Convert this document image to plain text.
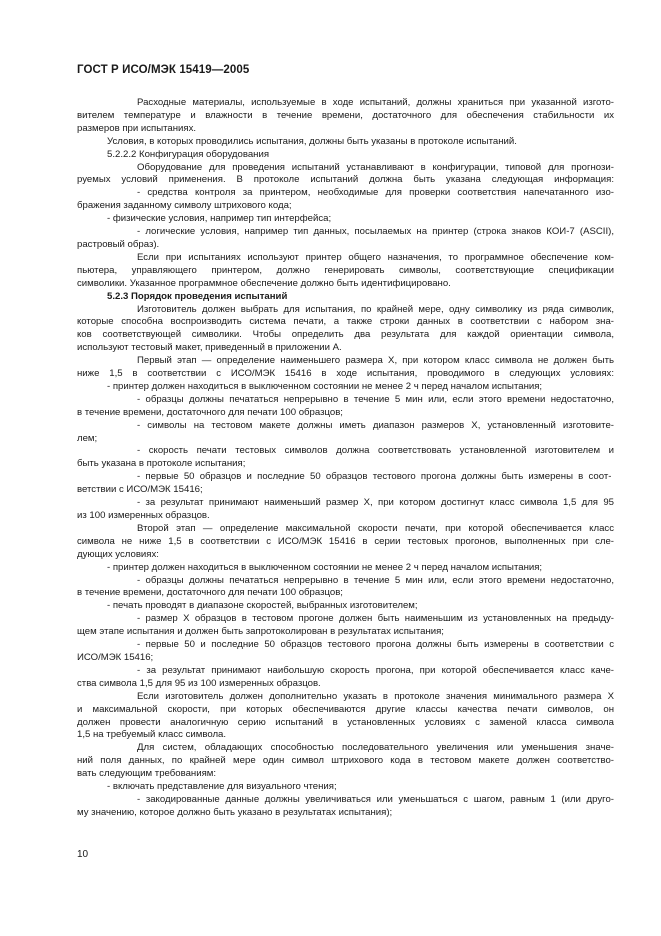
ГОСТ Р ИСО/МЭК 15419—2005

Расходные материалы, используемые в ходе испытаний, должны храниться при указанной изгото-

вителем температуре и влажности в течение времени, достаточного для обеспечения стабильности их

размеров при испытаниях.

Условия, в которых проводились испытания, должны быть указаны в протоколе испытаний.

5.2.2.2 Конфигурация оборудования

Оборудование для проведения испытаний устанавливают в конфигурации, типовой для прогнози-

руемых условий применения. В протоколе испытаний должна быть указана следующая информация:

- средства контроля за принтером, необходимые для проверки соответствия напечатанного изо-

бражения заданному символу штрихового кода;

- физические условия, например тип интерфейса;

- логические условия, например тип данных, посылаемых на принтер (строка знаков КОИ-7 (ASCII),

растровый образ).

Если при испытаниях используют принтер общего назначения, то программное обеспечение ком-

пьютера, управляющего принтером, должно генерировать символы, соответствующие спецификации

символики. Указанное программное обеспечение должно быть идентифицировано.

5.2.3 Порядок проведения испытаний

Изготовитель должен выбрать для испытания, по крайней мере, одну символику из ряда символик,

которые способна воспроизводить система печати, а также строки данных в соответствии с набором зна-

ков соответствующей символики. Чтобы определить два результата для каждой ориентации символа,

используют тестовый макет, приведенный в приложении А.

Первый этап — определение наименьшего размера Х, при котором класс символа не должен быть

ниже 1,5 в соответствии с ИСО/МЭК 15416 в ходе испытания, проводимого в следующих условиях:

- принтер должен находиться в выключенном состоянии не менее 2 ч перед началом испытания;

- образцы должны печататься непрерывно в течение 5 мин или, если этого времени недостаточно,

в течение времени, достаточного для печати 100 образцов;

- символы на тестовом макете должны иметь диапазон размеров Х, установленный изготовите-

лем;

- скорость печати тестовых символов должна соответствовать установленной изготовителем и

быть указана в протоколе испытания;

- первые 50 образцов и последние 50 образцов тестового прогона должны быть измерены в соот-

ветствии с ИСО/МЭК 15416;

- за результат принимают наименьший размер Х, при котором достигнут класс символа 1,5 для 95

из 100 измеренных образцов.

Второй этап — определение максимальной скорости печати, при которой обеспечивается класс

символа не ниже 1,5 в соответствии с ИСО/МЭК 15416 в серии тестовых прогонов, выполненных при сле-

дующих условиях:

- принтер должен находиться в выключенном состоянии не менее 2 ч перед началом испытания;

- образцы должны печататься непрерывно в течение 5 мин или, если этого времени недостаточно,

в течение времени, достаточного для печати 100 образцов;

- печать проводят в диапазоне скоростей, выбранных изготовителем;

- размер Х образцов в тестовом прогоне должен быть наименьшим из установленных на предыду-

щем этапе испытания и должен быть запротоколирован в результатах испытания;

- первые 50 и последние 50 образцов тестового прогона должны быть измерены в соответствии с

ИСО/МЭК 15416;

- за результат принимают наибольшую скорость прогона, при которой обеспечивается класс каче-

ства символа 1,5 для 95 из 100 измеренных образцов.

Если изготовитель должен дополнительно указать в протоколе значения минимального размера Х

и максимальной скорости, при которых обеспечиваются другие классы качества печати символов, он

должен провести аналогичную серию испытаний в установленных условиях с заменой класса символа

1,5 на требуемый класс символа.

Для систем, обладающих способностью последовательного увеличения или уменьшения значе-

ний поля данных, по крайней мере один символ штрихового кода в тестовом макете должен соответство-

вать следующим требованиям:

- включать представление для визуального чтения;

- закодированные данные должны увеличиваться или уменьшаться с шагом, равным 1 (или друго-

му значению, которое должно быть указано в результатах испытания);

10
